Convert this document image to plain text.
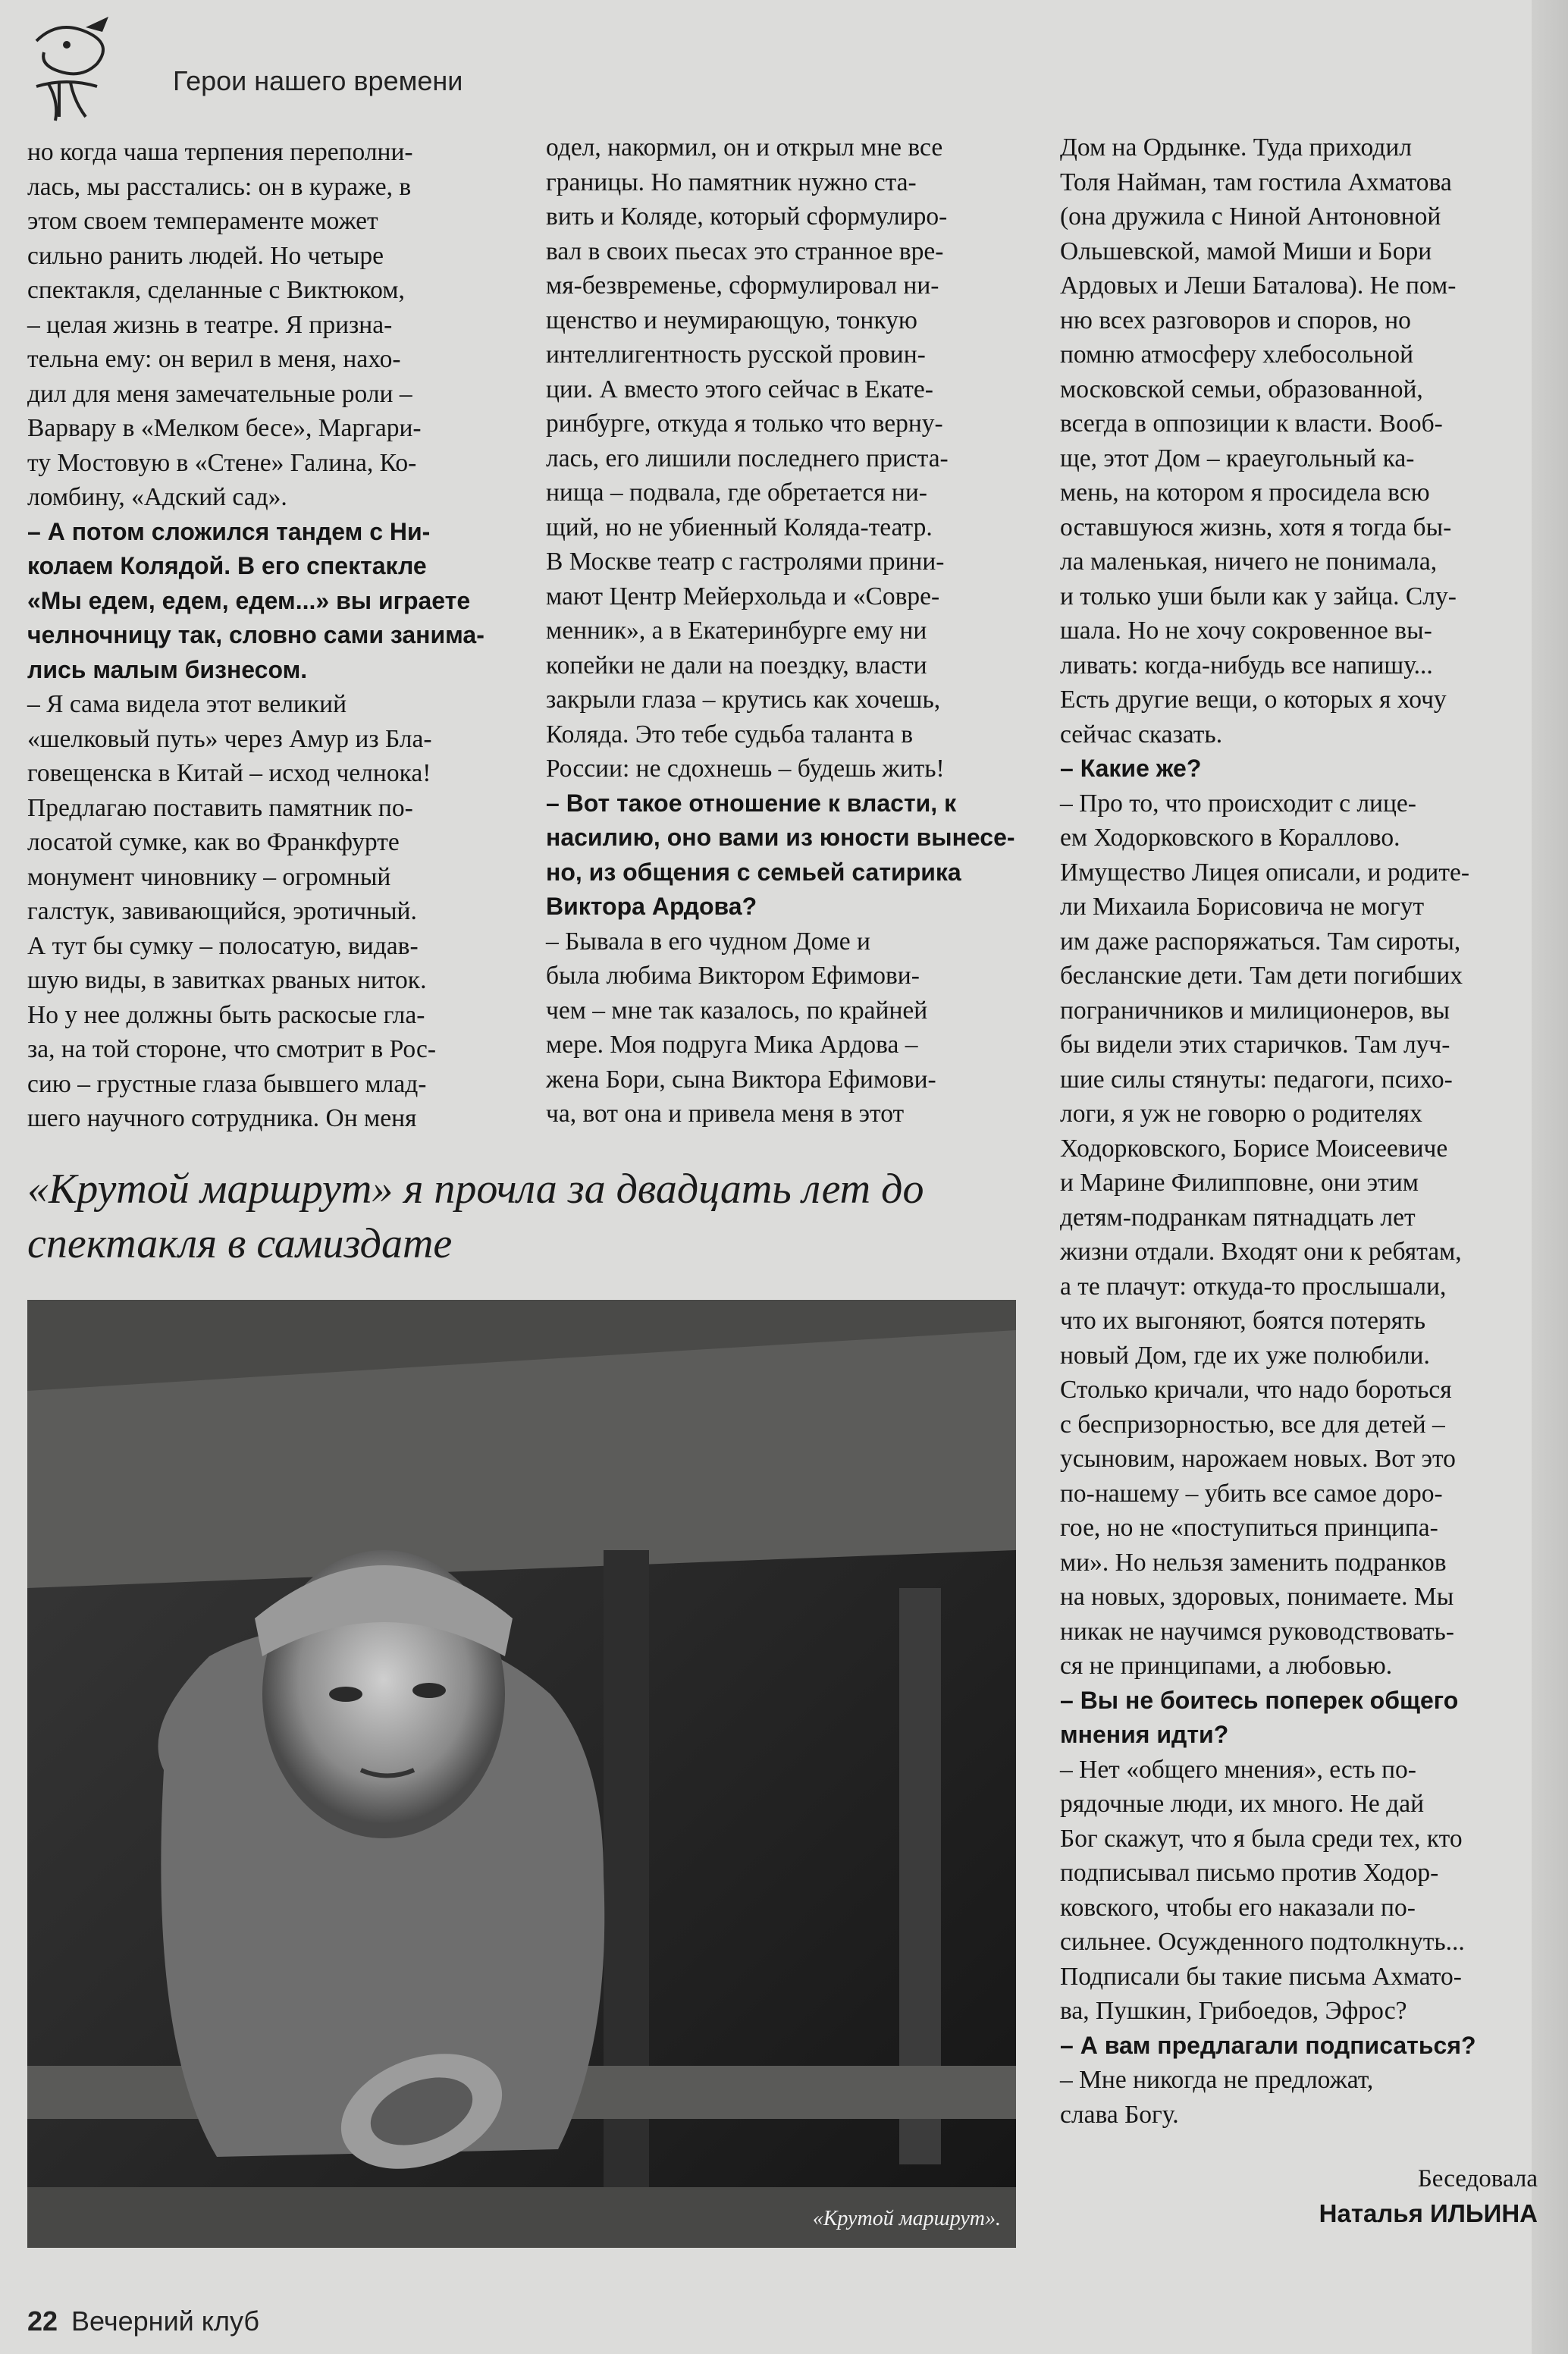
Герои нашего времени

но когда чаша терпения переполни-

лась, мы расстались: он в кураже, в

этом своем темпераменте может

сильно ранить людей. Но четыре

спектакля, сделанные с Виктюком,

– целая жизнь в театре. Я призна-

тельна ему: он верил в меня, нахо-

дил для меня замечательные роли –

Варвару в «Мелком бесе», Маргари-

ту Мостовую в «Стене» Галина, Ко-

ломбину, «Адский сад».

– А потом сложился тандем с Ни-

колаем Колядой. В его спектакле

«Мы едем, едем, едем...» вы играете

челночницу так, словно сами занима-

лись малым бизнесом.

– Я сама видела этот великий

«шелковый путь» через Амур из Бла-

говещенска в Китай – исход челнока!

Предлагаю поставить памятник по-

лосатой сумке, как во Франкфурте

монумент чиновнику – огромный

галстук, завивающийся, эротичный.

А тут бы сумку – полосатую, видав-

шую виды, в завитках рваных ниток.

Но у нее должны быть раскосые гла-

за, на той стороне, что смотрит в Рос-

сию – грустные глаза бывшего млад-

шего научного сотрудника. Он меня

одел, накормил, он и открыл мне все

границы. Но памятник нужно ста-

вить и Коляде, который сформулиро-

вал в своих пьесах это странное вре-

мя-безвременье, сформулировал ни-

щенство и неумирающую, тонкую

интеллигентность русской провин-

ции. А вместо этого сейчас в Екате-

ринбурге, откуда я только что верну-

лась, его лишили последнего приста-

нища – подвала, где обретается ни-

щий, но не убиенный Коляда-театр.

В Москве театр с гастролями прини-

мают Центр Мейерхольда и «Совре-

менник», а в Екатеринбурге ему ни

копейки не дали на поездку, власти

закрыли глаза – крутись как хочешь,

Коляда. Это тебе судьба таланта в

России: не сдохнешь – будешь жить!

– Вот такое отношение к власти, к

насилию, оно вами из юности вынесе-

но, из общения с семьей сатирика

Виктора Ардова?

– Бывала в его чудном Доме и

была любима Виктором Ефимови-

чем – мне так казалось, по крайней

мере. Моя подруга Мика Ардова –

жена Бори, сына Виктора Ефимови-

ча, вот она и привела меня в этот

Дом на Ордынке. Туда приходил

Толя Найман, там гостила Ахматова

(она дружила с Ниной Антоновной

Ольшевской, мамой Миши и Бори

Ардовых и Леши Баталова). Не пом-

ню всех разговоров и споров, но

помню атмосферу хлебосольной

московской семьи, образованной,

всегда в оппозиции к власти. Вооб-

ще, этот Дом – краеугольный ка-

мень, на котором я просидела всю

оставшуюся жизнь, хотя я тогда бы-

ла маленькая, ничего не понимала,

и только уши были как у зайца. Слу-

шала. Но не хочу сокровенное вы-

ливать: когда-нибудь все напишу...

Есть другие вещи, о которых я хочу

сейчас сказать.

– Какие же?

– Про то, что происходит с лице-

ем Ходорковского в Кораллово.

Имущество Лицея описали, и родите-

ли Михаила Борисовича не могут

им даже распоряжаться. Там сироты,

бесланские дети. Там дети погибших

пограничников и милиционеров, вы

бы видели этих старичков. Там луч-

шие силы стянуты: педагоги, психо-

логи, я уж не говорю о родителях

Ходорковского, Борисе Моисеевиче

и Марине Филипповне, они этим

детям-подранкам пятнадцать лет

жизни отдали. Входят они к ребятам,

а те плачут: откуда-то прослышали,

что их выгоняют, боятся потерять

новый Дом, где их уже полюбили.

Столько кричали, что надо бороться

с беспризорностью, все для детей –

усыновим, нарожаем новых. Вот это

по-нашему – убить все самое доро-

гое, но не «поступиться принципа-

ми». Но нельзя заменить подранков

на новых, здоровых, понимаете. Мы

никак не научимся руководствовать-

ся не принципами, а любовью.

– Вы не боитесь поперек общего

мнения идти?

– Нет «общего мнения», есть по-

рядочные люди, их много. Не дай

Бог скажут, что я была среди тех, кто

подписывал письмо против Ходор-

ковского, чтобы его наказали по-

сильнее. Осужденного подтолкнуть...

Подписали бы такие письма Ахмато-

ва, Пушкин, Грибоедов, Эфрос?

– А вам предлагали подписаться?

– Мне никогда не предложат,

слава Богу.

«Крутой маршрут» я прочла за двадцать лет до

спектакля в самиздате

«Крутой маршрут».
Беседовала
Наталья ИЛЬИНА
22 Вечерний клуб
